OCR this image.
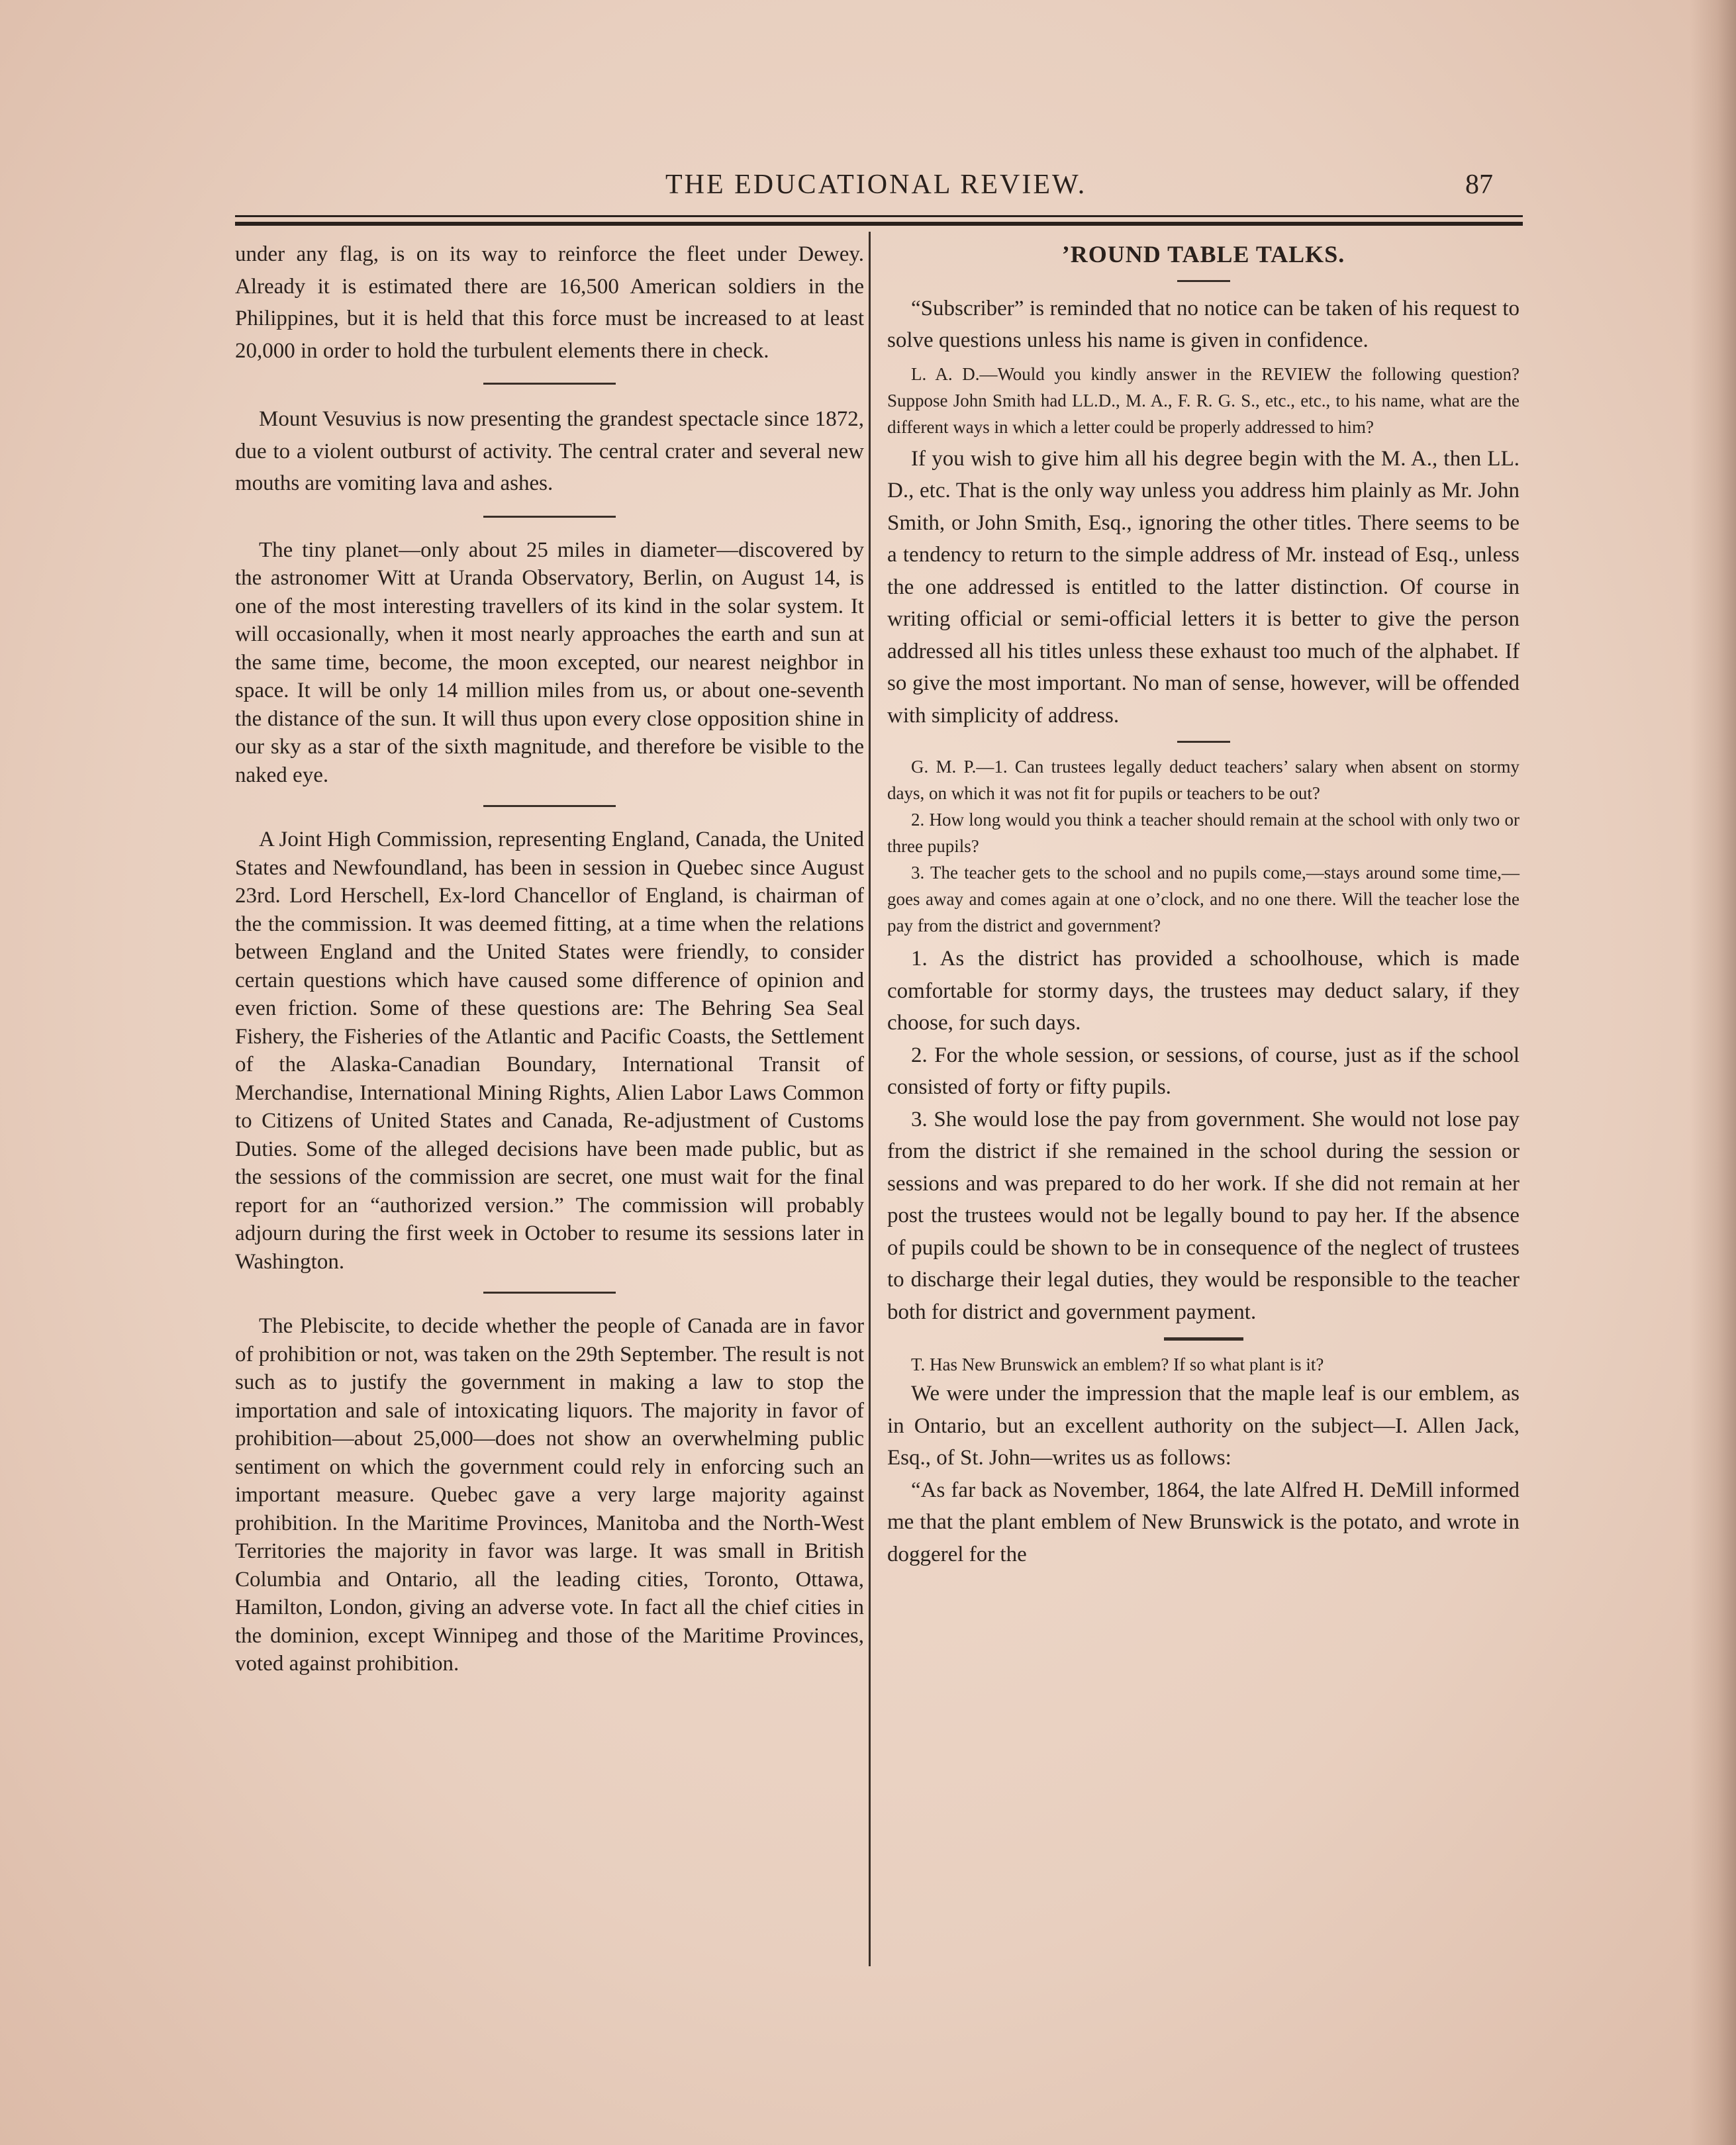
THE EDUCATIONAL REVIEW.	87

under any flag, is on its way to reinforce the fleet under Dewey. Already it is estimated there are 16,500 American soldiers in the Philippines, but it is held that this force must be increased to at least 20,000 in order to hold the turbulent elements there in check.

Mount Vesuvius is now presenting the grandest spectacle since 1872, due to a violent outburst of activity. The central crater and several new mouths are vomiting lava and ashes.

The tiny planet—only about 25 miles in diameter—discovered by the astronomer Witt at Uranda Observatory, Berlin, on August 14, is one of the most interesting travellers of its kind in the solar system. It will occasionally, when it most nearly approaches the earth and sun at the same time, become, the moon excepted, our nearest neighbor in space. It will be only 14 million miles from us, or about one-seventh the distance of the sun. It will thus upon every close opposition shine in our sky as a star of the sixth magnitude, and therefore be visible to the naked eye.

A Joint High Commission, representing England, Canada, the United States and Newfoundland, has been in session in Quebec since August 23rd. Lord Herschell, Ex-lord Chancellor of England, is chairman of the the commission. It was deemed fitting, at a time when the relations between England and the United States were friendly, to consider certain questions which have caused some difference of opinion and even friction. Some of these questions are: The Behring Sea Seal Fishery, the Fisheries of the Atlantic and Pacific Coasts, the Settlement of the Alaska-Canadian Boundary, International Transit of Merchandise, International Mining Rights, Alien Labor Laws Common to Citizens of United States and Canada, Re-adjustment of Customs Duties. Some of the alleged decisions have been made public, but as the sessions of the commission are secret, one must wait for the final report for an “authorized version.” The commission will probably adjourn during the first week in October to resume its sessions later in Washington.

The Plebiscite, to decide whether the people of Canada are in favor of prohibition or not, was taken on the 29th September. The result is not such as to justify the government in making a law to stop the importation and sale of intoxicating liquors. The majority in favor of prohibition—about 25,000—does not show an overwhelming public sentiment on which the government could rely in enforcing such an important measure. Quebec gave a very large majority against prohibition. In the Maritime Provinces, Manitoba and the North-West Territories the majority in favor was large. It was small in British Columbia and Ontario, all the leading cities, Toronto, Ottawa, Hamilton, London, giving an adverse vote. In fact all the chief cities in the dominion, except Winnipeg and those of the Maritime Provinces, voted against prohibition.

’ROUND TABLE TALKS.

“Subscriber” is reminded that no notice can be taken of his request to solve questions unless his name is given in confidence.

L. A. D.—Would you kindly answer in the REVIEW the following question? Suppose John Smith had LL.D., M. A., F. R. G. S., etc., etc., to his name, what are the different ways in which a letter could be properly addressed to him?

If you wish to give him all his degree begin with the M. A., then LL. D., etc. That is the only way unless you address him plainly as Mr. John Smith, or John Smith, Esq., ignoring the other titles. There seems to be a tendency to return to the simple address of Mr. instead of Esq., unless the one addressed is entitled to the latter distinction. Of course in writing official or semi-official letters it is better to give the person addressed all his titles unless these exhaust too much of the alphabet. If so give the most important. No man of sense, however, will be offended with simplicity of address.

G. M. P.—1. Can trustees legally deduct teachers’ salary when absent on stormy days, on which it was not fit for pupils or teachers to be out?

2. How long would you think a teacher should remain at the school with only two or three pupils?

3. The teacher gets to the school and no pupils come,—stays around some time,—goes away and comes again at one o’clock, and no one there. Will the teacher lose the pay from the district and government?

1. As the district has provided a schoolhouse, which is made comfortable for stormy days, the trustees may deduct salary, if they choose, for such days.

2. For the whole session, or sessions, of course, just as if the school consisted of forty or fifty pupils.

3. She would lose the pay from government. She would not lose pay from the district if she remained in the school during the session or sessions and was prepared to do her work. If she did not remain at her post the trustees would not be legally bound to pay her. If the absence of pupils could be shown to be in consequence of the neglect of trustees to discharge their legal duties, they would be responsible to the teacher both for district and government payment.

T. Has New Brunswick an emblem? If so what plant is it?

We were under the impression that the maple leaf is our emblem, as in Ontario, but an excellent authority on the subject—I. Allen Jack, Esq., of St. John—writes us as follows:

“As far back as November, 1864, the late Alfred H. DeMill informed me that the plant emblem of New Brunswick is the potato, and wrote in doggerel for the
